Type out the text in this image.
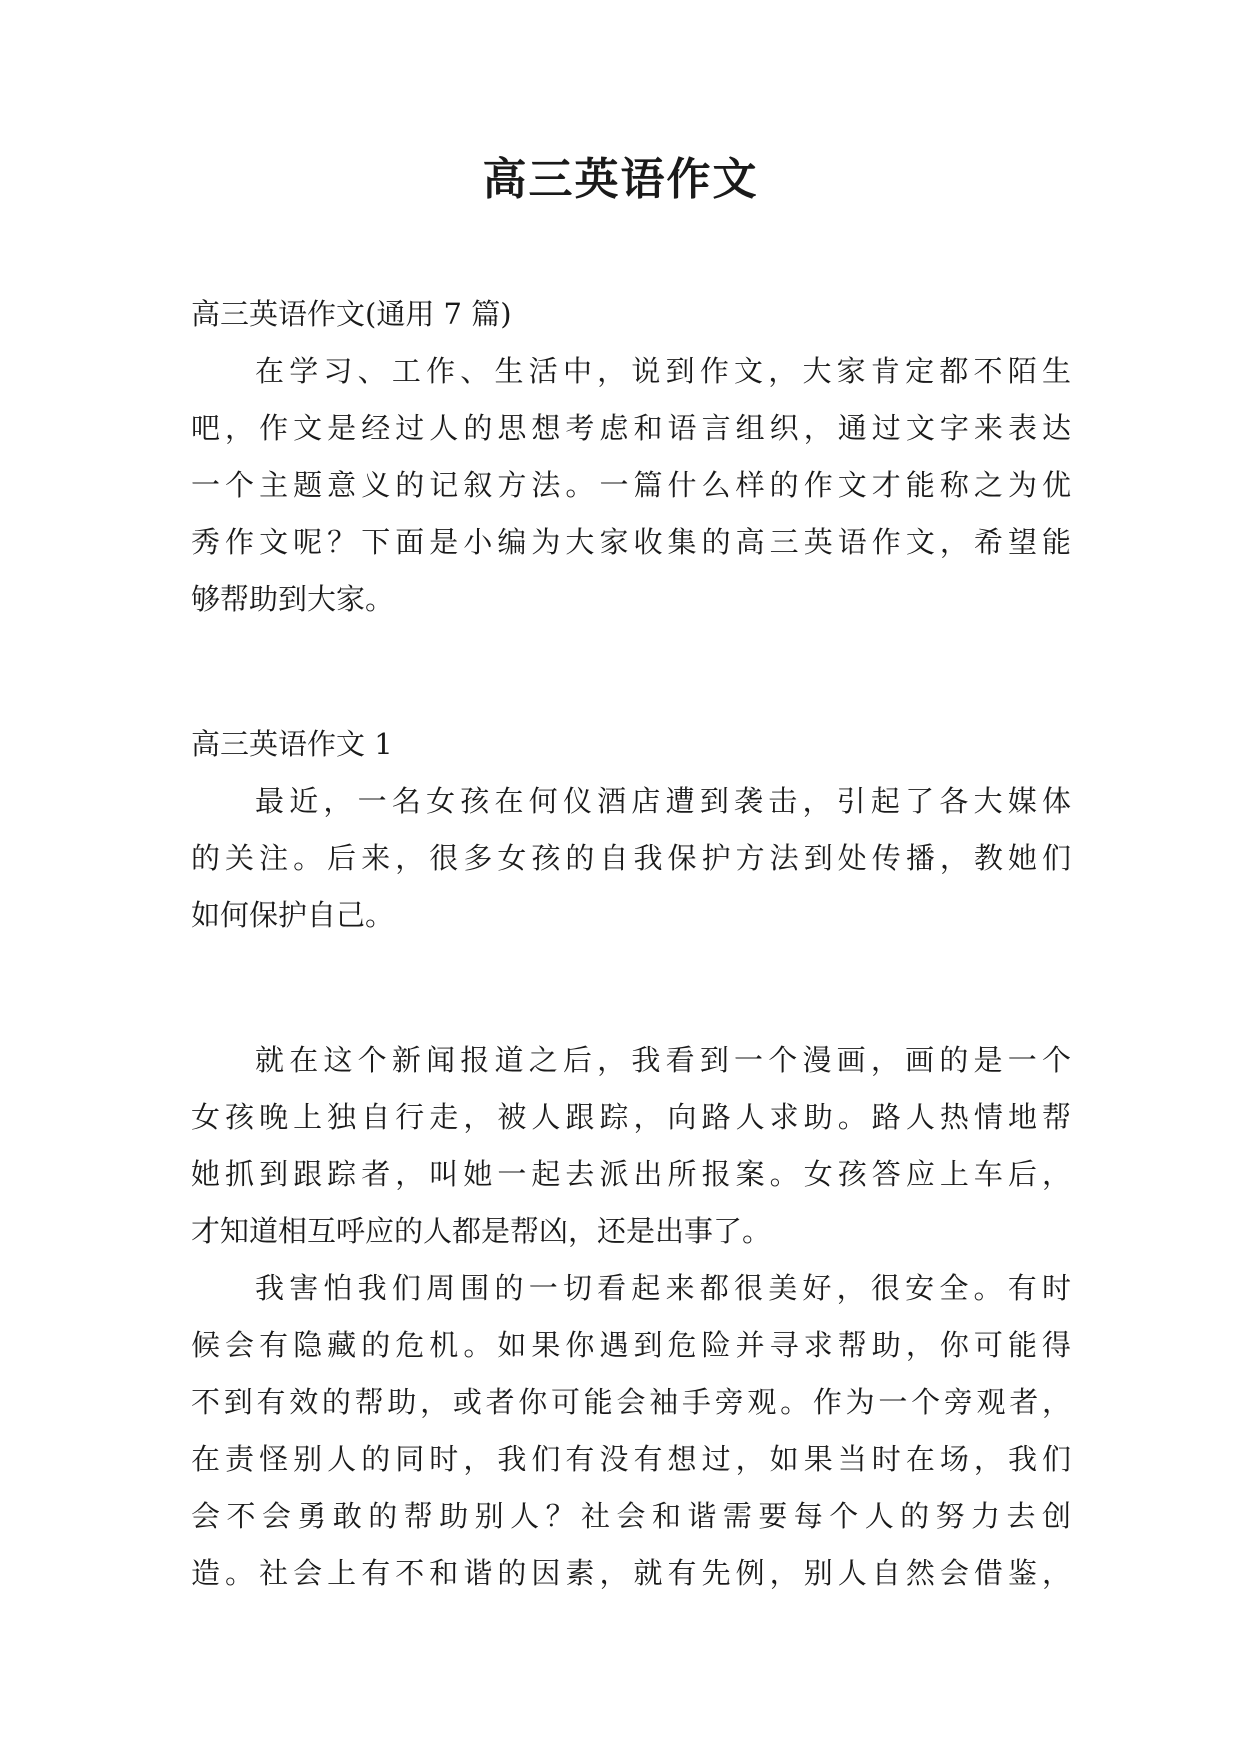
高三英语作文
高三英语作文(通用 7 篇)
在学习、工作、生活中，说到作文，大家肯定都不陌生
吧，作文是经过人的思想考虑和语言组织，通过文字来表达
一个主题意义的记叙方法。一篇什么样的作文才能称之为优
秀作文呢？下面是小编为大家收集的高三英语作文，希望能
够帮助到大家。
高三英语作文 1
最近，一名女孩在何仪酒店遭到袭击，引起了各大媒体
的关注。后来，很多女孩的自我保护方法到处传播，教她们
如何保护自己。
就在这个新闻报道之后，我看到一个漫画，画的是一个
女孩晚上独自行走，被人跟踪，向路人求助。路人热情地帮
她抓到跟踪者，叫她一起去派出所报案。女孩答应上车后，
才知道相互呼应的人都是帮凶，还是出事了。
我害怕我们周围的一切看起来都很美好，很安全。有时
候会有隐藏的危机。如果你遇到危险并寻求帮助，你可能得
不到有效的帮助，或者你可能会袖手旁观。作为一个旁观者，
在责怪别人的同时，我们有没有想过，如果当时在场，我们
会不会勇敢的帮助别人？社会和谐需要每个人的努力去创
造。社会上有不和谐的因素，就有先例，别人自然会借鉴，
